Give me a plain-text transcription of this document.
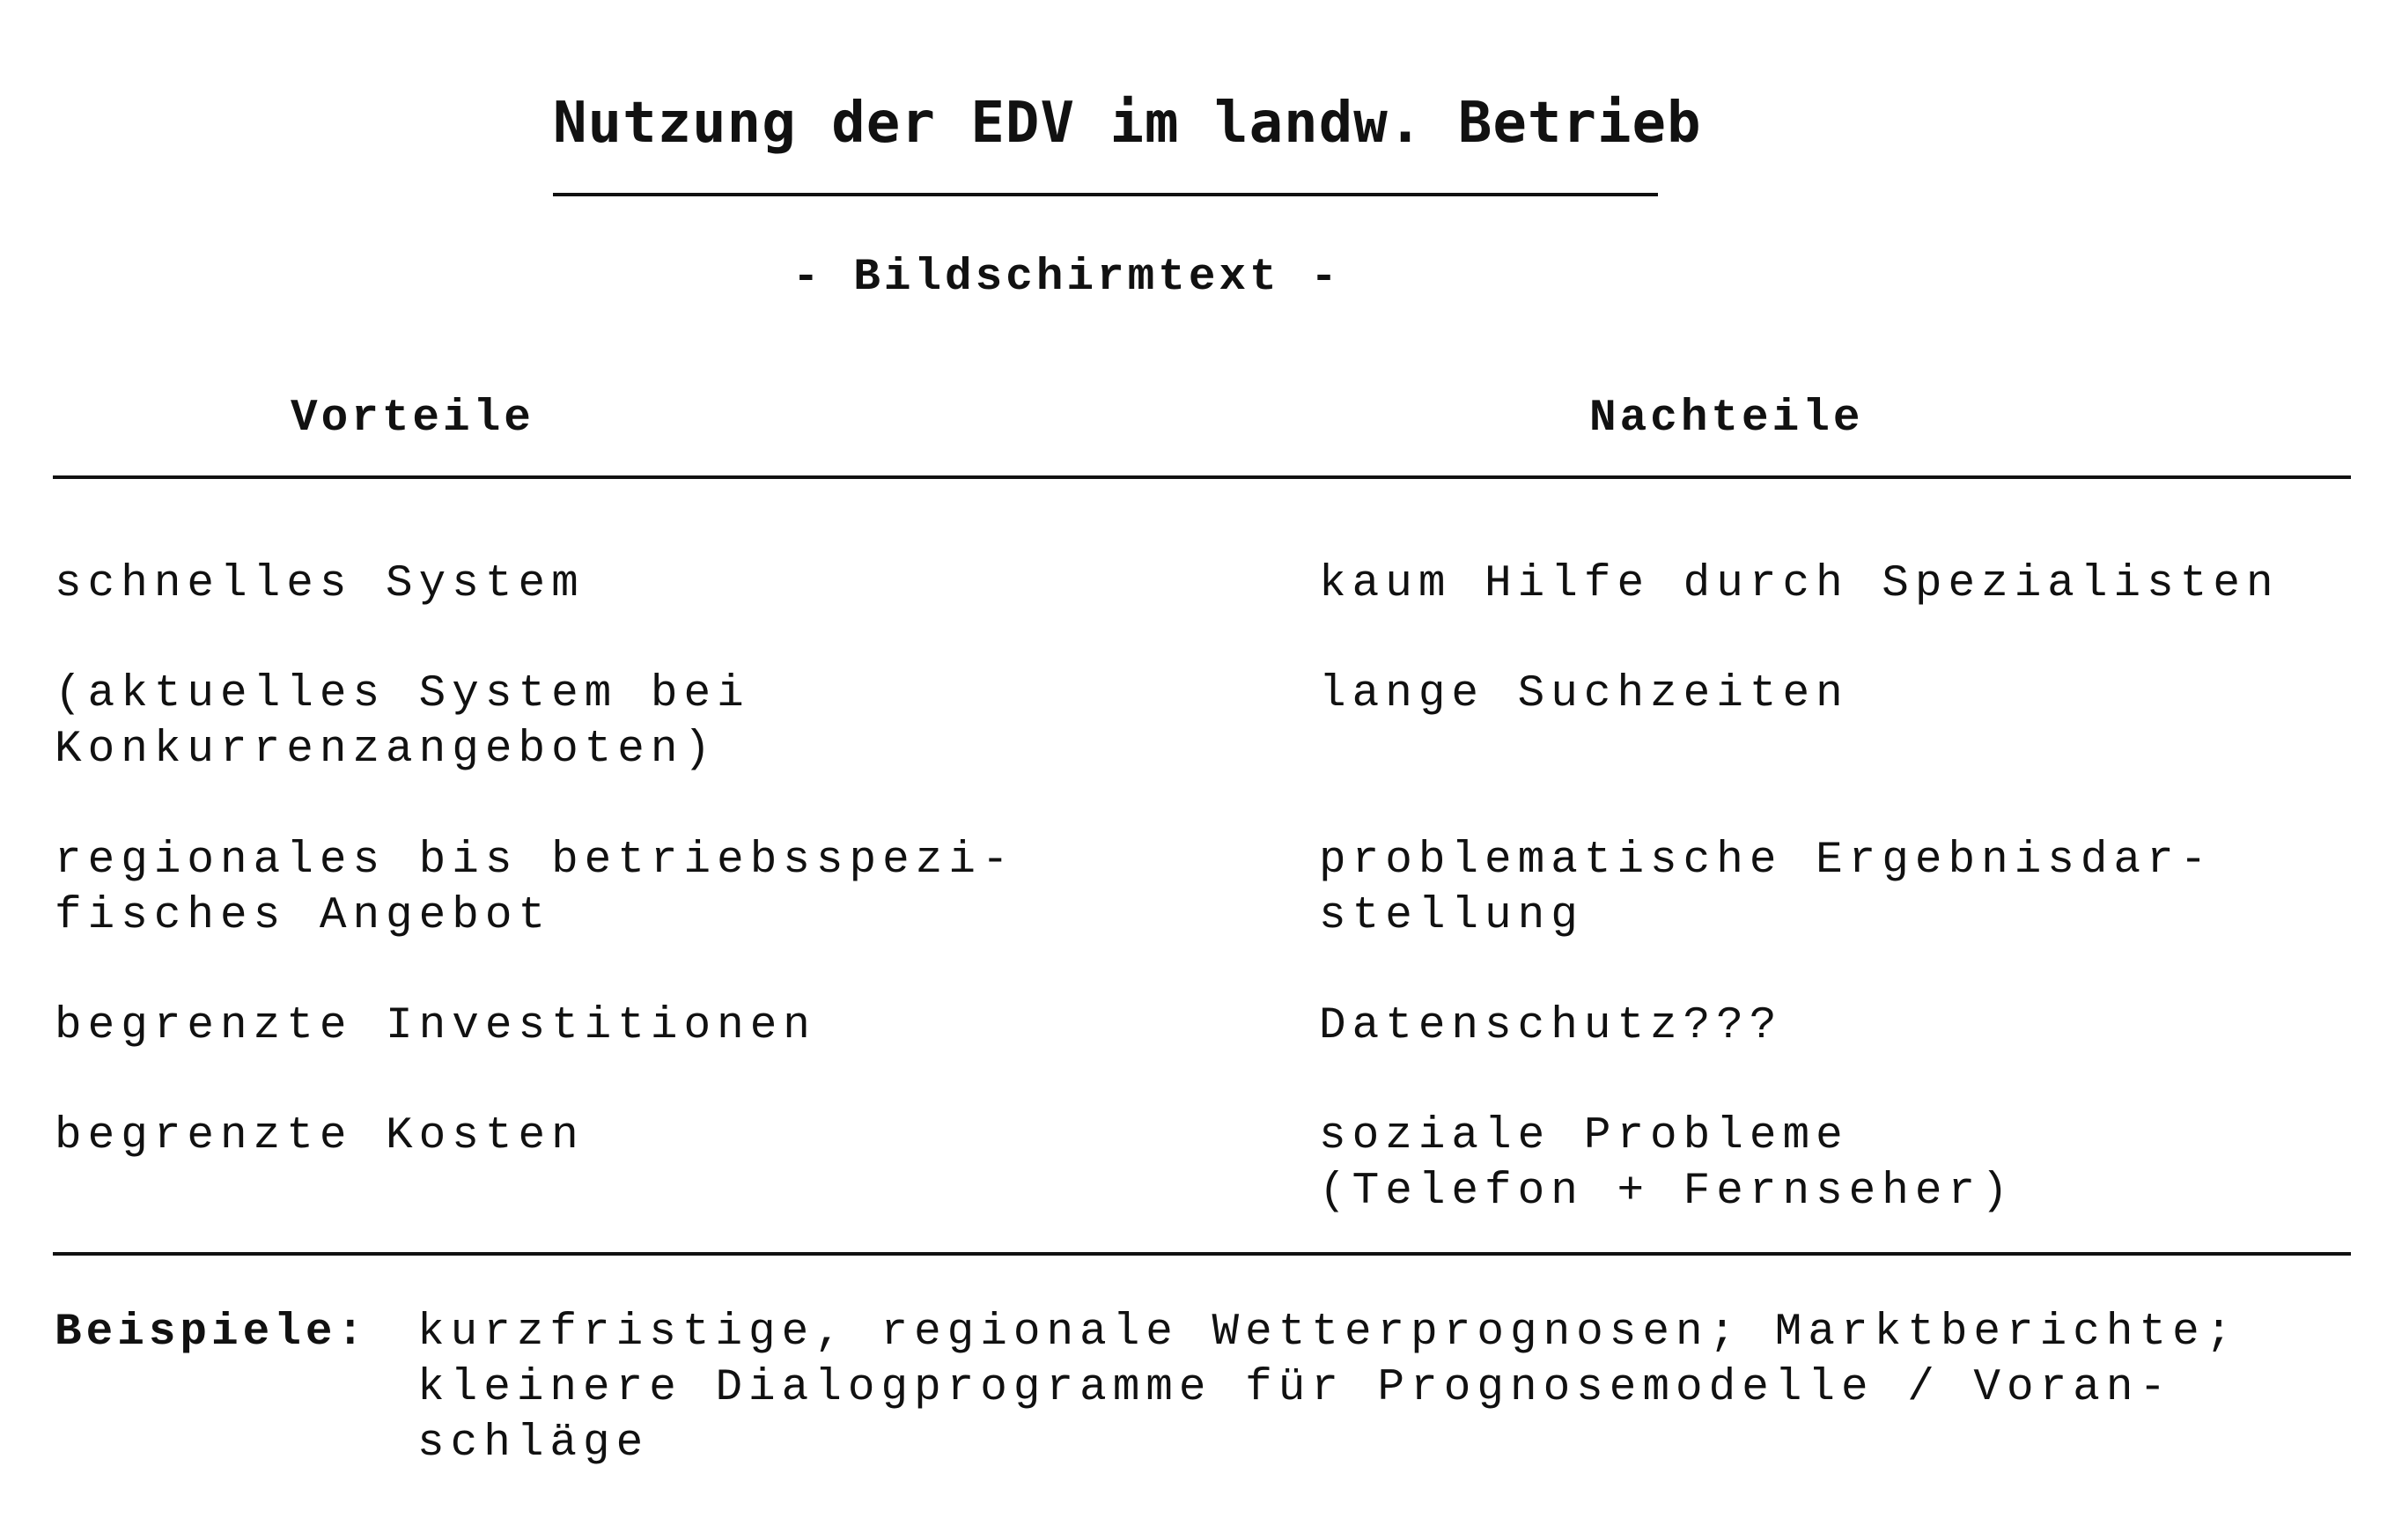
Nutzung der EDV im landw. Betrieb
- Bildschirmtext -
Vorteile	Nachteile
schnelles System
(aktuelles System bei
Konkurrenzangeboten)
regionales bis betriebsspezi-
fisches Angebot
begrenzte Investitionen
begrenzte Kosten
kaum Hilfe durch Spezialisten
lange Suchzeiten
problematische Ergebnisdar-
stellung
Datenschutz???
soziale Probleme
(Telefon + Fernseher)
Beispiele:	kurzfristige, regionale Wetterprognosen; Marktberichte;
kleinere Dialogprogramme für Prognosemodelle / Voran-
schläge
